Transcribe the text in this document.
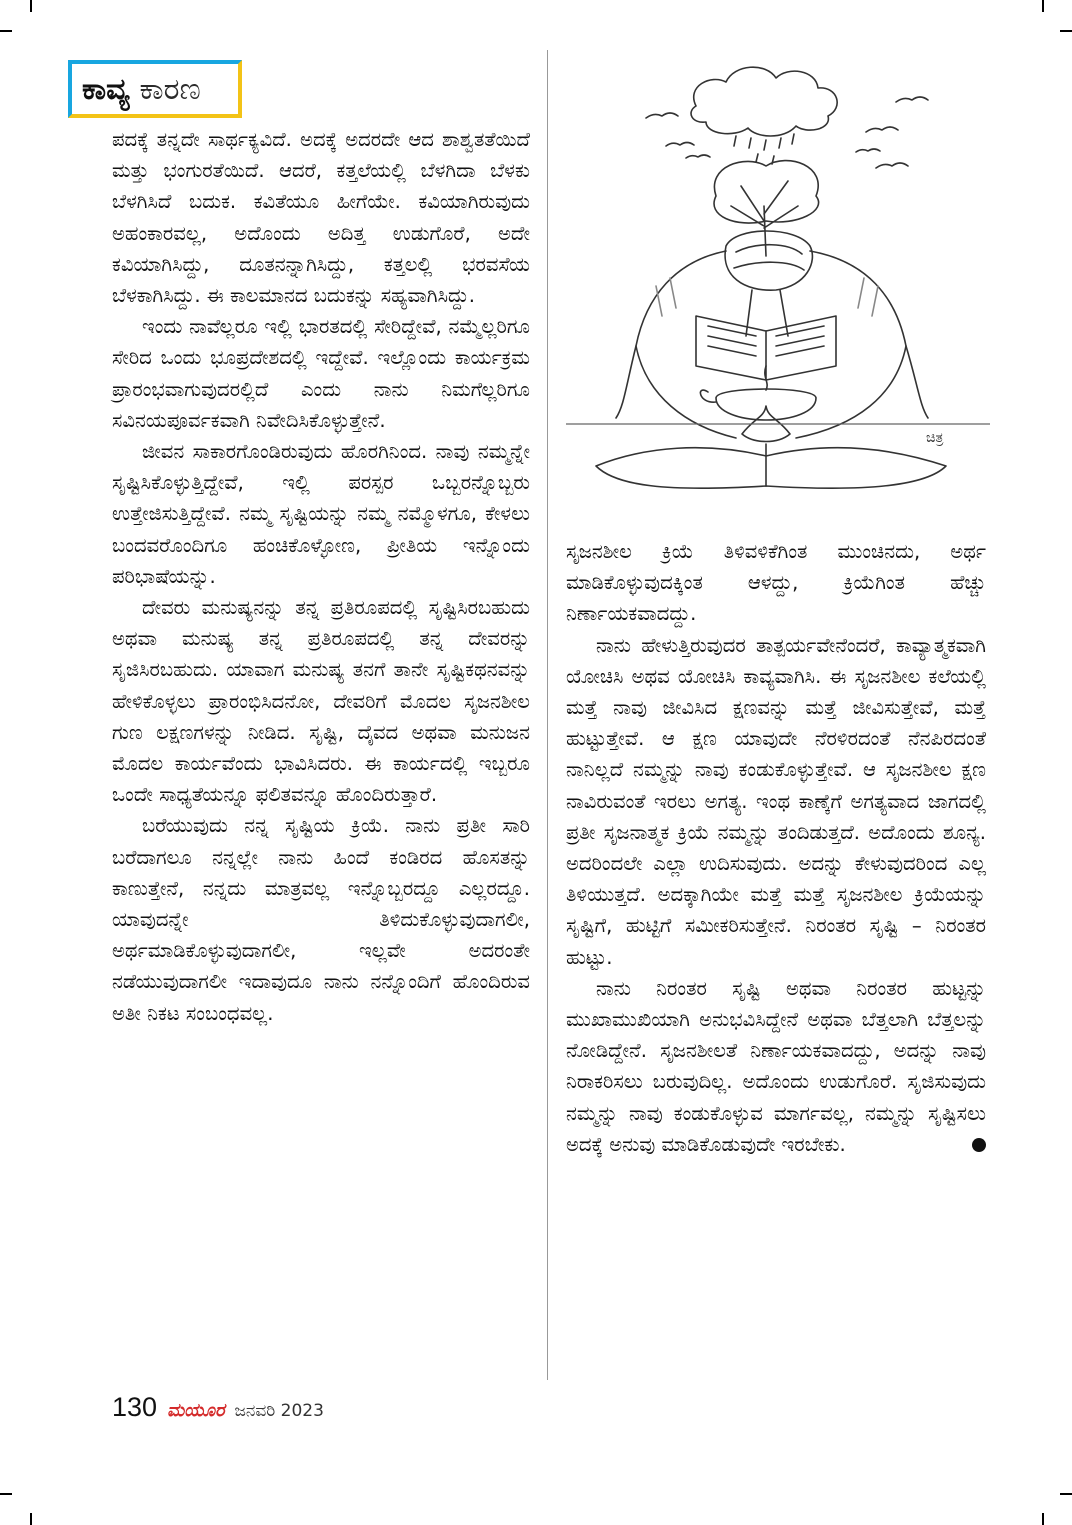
ಕಾವ್ಯ ಕಾರಣ

ಪದಕ್ಕೆ ತನ್ನದೇ ಸಾರ್ಥಕ್ಯವಿದೆ. ಅದಕ್ಕೆ ಅದರದೇ ಆದ ಶಾಶ್ವತತೆಯಿದೆ ಮತ್ತು ಭಂಗುರತೆಯಿದೆ. ಆದರೆ, ಕತ್ತಲೆಯಲ್ಲಿ ಬೆಳಗಿದಾ ಬೆಳಕು ಬೆಳಗಿಸಿದೆ ಬದುಕ. ಕವಿತೆಯೂ ಹೀಗೆಯೇ. ಕವಿಯಾಗಿರುವುದು ಅಹಂಕಾರವಲ್ಲ, ಅದೊಂದು ಅದಿತ್ತ ಉಡುಗೊರೆ, ಅದೇ ಕವಿಯಾಗಿಸಿದ್ದು, ದೂತನನ್ನಾಗಿಸಿದ್ದು, ಕತ್ತಲಲ್ಲಿ ಭರವಸೆಯ ಬೆಳಕಾಗಿಸಿದ್ದು. ಈ ಕಾಲಮಾನದ ಬದುಕನ್ನು ಸಹ್ಯವಾಗಿಸಿದ್ದು.

ಇಂದು ನಾವೆಲ್ಲರೂ ಇಲ್ಲಿ ಭಾರತದಲ್ಲಿ ಸೇರಿದ್ದೇವೆ, ನಮ್ಮೆಲ್ಲರಿಗೂ ಸೇರಿದ ಒಂದು ಭೂಪ್ರದೇಶದಲ್ಲಿ ಇದ್ದೇವೆ. ಇಲ್ಲೊಂದು ಕಾರ್ಯಕ್ರಮ ಪ್ರಾರಂಭವಾಗುವುದರಲ್ಲಿದೆ ಎಂದು ನಾನು ನಿಮಗೆಲ್ಲರಿಗೂ ಸವಿನಯಪೂರ್ವಕವಾಗಿ ನಿವೇದಿಸಿಕೊಳ್ಳುತ್ತೇನೆ.

ಜೀವನ ಸಾಕಾರಗೊಂಡಿರುವುದು ಹೊರಗಿನಿಂದ. ನಾವು ನಮ್ಮನ್ನೇ ಸೃಷ್ಟಿಸಿಕೊಳ್ಳುತ್ತಿದ್ದೇವೆ, ಇಲ್ಲಿ ಪರಸ್ಪರ ಒಬ್ಬರನ್ನೊಬ್ಬರು ಉತ್ತೇಜಿಸುತ್ತಿದ್ದೇವೆ. ನಮ್ಮ ಸೃಷ್ಟಿಯನ್ನು ನಮ್ಮ ನಮ್ಮೊಳಗೂ, ಕೇಳಲು ಬಂದವರೊಂದಿಗೂ ಹಂಚಿಕೊಳ್ಳೋಣ, ಪ್ರೀತಿಯ ಇನ್ನೊಂದು ಪರಿಭಾಷೆಯನ್ನು.

ದೇವರು ಮನುಷ್ಯನನ್ನು ತನ್ನ ಪ್ರತಿರೂಪದಲ್ಲಿ ಸೃಷ್ಟಿಸಿರಬಹುದು ಅಥವಾ ಮನುಷ್ಯ ತನ್ನ ಪ್ರತಿರೂಪದಲ್ಲಿ ತನ್ನ ದೇವರನ್ನು ಸೃಜಿಸಿರಬಹುದು. ಯಾವಾಗ ಮನುಷ್ಯ ತನಗೆ ತಾನೇ ಸೃಷ್ಟಿಕಥನವನ್ನು ಹೇಳಿಕೊಳ್ಳಲು ಪ್ರಾರಂಭಿಸಿದನೋ, ದೇವರಿಗೆ ಮೊದಲ ಸೃಜನಶೀಲ ಗುಣ ಲಕ್ಷಣಗಳನ್ನು ನೀಡಿದ. ಸೃಷ್ಟಿ, ದೈವದ ಅಥವಾ ಮನುಜನ ಮೊದಲ ಕಾರ್ಯವೆಂದು ಭಾವಿಸಿದರು. ಈ ಕಾರ್ಯದಲ್ಲಿ ಇಬ್ಬರೂ ಒಂದೇ ಸಾಧ್ಯತೆಯನ್ನೂ ಫಲಿತವನ್ನೂ ಹೊಂದಿರುತ್ತಾರೆ.

ಬರೆಯುವುದು ನನ್ನ ಸೃಷ್ಟಿಯ ಕ್ರಿಯೆ. ನಾನು ಪ್ರತೀ ಸಾರಿ ಬರೆದಾಗಲೂ ನನ್ನಲ್ಲೇ ನಾನು ಹಿಂದೆ ಕಂಡಿರದ ಹೊಸತನ್ನು ಕಾಣುತ್ತೇನೆ, ನನ್ನದು ಮಾತ್ರವಲ್ಲ ಇನ್ನೊಬ್ಬರದ್ದೂ ಎಲ್ಲರದ್ದೂ. ಯಾವುದನ್ನೇ ತಿಳಿದುಕೊಳ್ಳುವುದಾಗಲೀ, ಅರ್ಥಮಾಡಿಕೊಳ್ಳುವುದಾಗಲೀ, ಇಲ್ಲವೇ ಅದರಂತೇ ನಡೆಯುವುದಾಗಲೀ ಇದಾವುದೂ ನಾನು ನನ್ನೊಂದಿಗೆ ಹೊಂದಿರುವ ಅತೀ ನಿಕಟ ಸಂಬಂಧವಲ್ಲ.

ಚಿತ್ರ

ಸೃಜನಶೀಲ ಕ್ರಿಯೆ ತಿಳಿವಳಿಕೆಗಿಂತ ಮುಂಚಿನದು, ಅರ್ಥ ಮಾಡಿಕೊಳ್ಳುವುದಕ್ಕಿಂತ ಆಳದ್ದು, ಕ್ರಿಯೆಗಿಂತ ಹೆಚ್ಚು ನಿರ್ಣಾಯಕವಾದದ್ದು.

ನಾನು ಹೇಳುತ್ತಿರುವುದರ ತಾತ್ಪರ್ಯವೇನೆಂದರೆ, ಕಾವ್ಯಾತ್ಮಕವಾಗಿ ಯೋಚಿಸಿ ಅಥವ ಯೋಚಿಸಿ ಕಾವ್ಯವಾಗಿಸಿ. ಈ ಸೃಜನಶೀಲ ಕಲೆಯಲ್ಲಿ ಮತ್ತೆ ನಾವು ಜೀವಿಸಿದ ಕ್ಷಣವನ್ನು ಮತ್ತೆ ಜೀವಿಸುತ್ತೇವೆ, ಮತ್ತೆ ಹುಟ್ಟುತ್ತೇವೆ. ಆ ಕ್ಷಣ ಯಾವುದೇ ನೆರಳಿರದಂತೆ ನೆನಪಿರದಂತೆ ನಾನಿಲ್ಲದೆ ನಮ್ಮನ್ನು ನಾವು ಕಂಡುಕೊಳ್ಳುತ್ತೇವೆ. ಆ ಸೃಜನಶೀಲ ಕ್ಷಣ ನಾವಿರುವಂತೆ ಇರಲು ಅಗತ್ಯ. ಇಂಥ ಕಾಣ್ಕೆಗೆ ಅಗತ್ಯವಾದ ಜಾಗದಲ್ಲಿ ಪ್ರತೀ ಸೃಜನಾತ್ಮಕ ಕ್ರಿಯೆ ನಮ್ಮನ್ನು ತಂದಿಡುತ್ತದೆ. ಅದೊಂದು ಶೂನ್ಯ. ಅದರಿಂದಲೇ ಎಲ್ಲಾ ಉದಿಸುವುದು. ಅದನ್ನು ಕೇಳುವುದರಿಂದ ಎಲ್ಲ ತಿಳಿಯುತ್ತದೆ. ಅದಕ್ಕಾಗಿಯೇ ಮತ್ತೆ ಮತ್ತೆ ಸೃಜನಶೀಲ ಕ್ರಿಯೆಯನ್ನು ಸೃಷ್ಟಿಗೆ, ಹುಟ್ಟಿಗೆ ಸಮೀಕರಿಸುತ್ತೇನೆ. ನಿರಂತರ ಸೃಷ್ಟಿ – ನಿರಂತರ ಹುಟ್ಟು.

ನಾನು ನಿರಂತರ ಸೃಷ್ಟಿ ಅಥವಾ ನಿರಂತರ ಹುಟ್ಟನ್ನು ಮುಖಾಮುಖಿಯಾಗಿ ಅನುಭವಿಸಿದ್ದೇನೆ ಅಥವಾ ಬೆತ್ತಲಾಗಿ ಬೆತ್ತಲನ್ನು ನೋಡಿದ್ದೇನೆ. ಸೃಜನಶೀಲತೆ ನಿರ್ಣಾಯಕವಾದದ್ದು, ಅದನ್ನು ನಾವು ನಿರಾಕರಿಸಲು ಬರುವುದಿಲ್ಲ. ಅದೊಂದು ಉಡುಗೊರೆ. ಸೃಜಿಸುವುದು ನಮ್ಮನ್ನು ನಾವು ಕಂಡುಕೊಳ್ಳುವ ಮಾರ್ಗವಲ್ಲ, ನಮ್ಮನ್ನು ಸೃಷ್ಟಿಸಲು ಅದಕ್ಕೆ ಅನುವು ಮಾಡಿಕೊಡುವುದೇ ಇರಬೇಕು.

130 ಮಯೂರ ಜನವರಿ 2023
